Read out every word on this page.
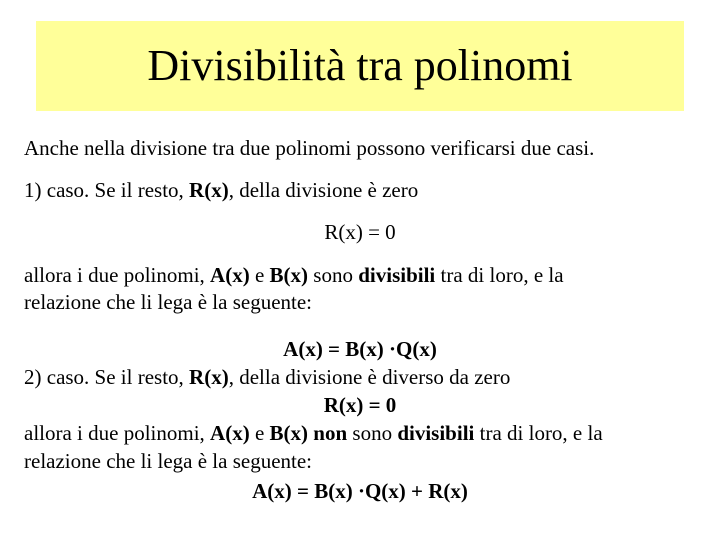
Divisibilità tra polinomi
Anche nella divisione tra due polinomi possono verificarsi due casi.
1) caso. Se il resto, R(x), della divisione è zero
R(x) = 0
allora i due polinomi, A(x) e B(x) sono divisibili tra di loro, e la
relazione che li lega è la seguente:
A(x) = B(x) ·Q(x)
2) caso. Se il resto, R(x), della divisione è diverso da zero
R(x) = 0
allora i due polinomi, A(x) e B(x) non sono divisibili tra di loro, e la
relazione che li lega è la seguente:
A(x) = B(x) ·Q(x) + R(x)
